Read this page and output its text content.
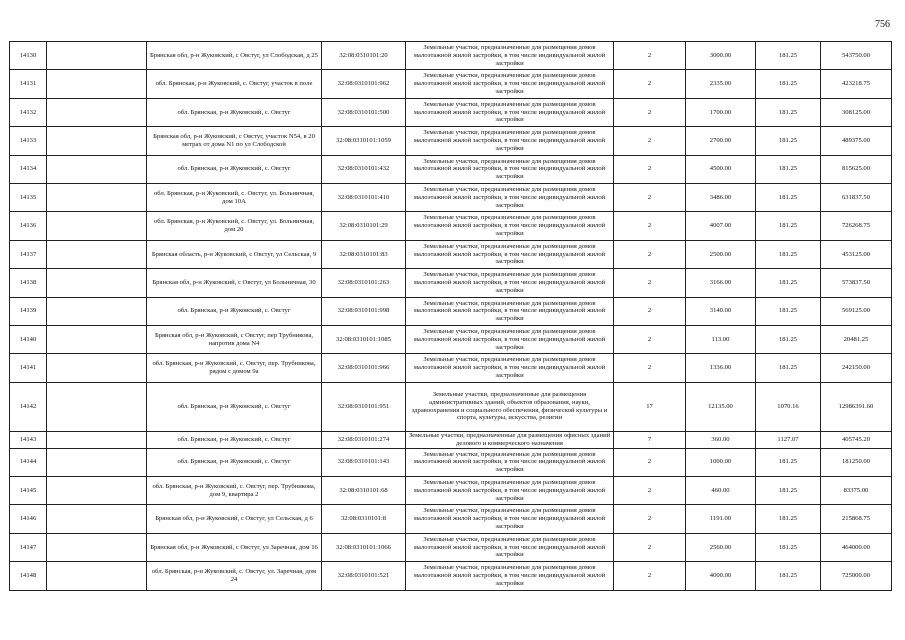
756
14130		Брянская обл, р-н Жуковский, с Овстуг, ул Слободская, д 25	32:08:0310101:20	Земельные участки, предназначенные для размещения домов малоэтажной жилой застройки, в том числе индивидуальной жилой застройки	2	3000.00	181.25	543750.00
14131		обл. Брянская, р-н Жуковский, с. Овстуг, участок в поле	32:08:0310101:962	Земельные участки, предназначенные для размещения домов малоэтажной жилой застройки, в том числе индивидуальной жилой застройки	2	2335.00	181.25	423218.75
14132		обл. Брянская, р-н Жуковский, с. Овстуг	32:08:0310101:500	Земельные участки, предназначенные для размещения домов малоэтажной жилой застройки, в том числе индивидуальной жилой застройки	2	1700.00	181.25	308125.00
14133		Брянская обл, р-н Жуковский, с Овстуг, участок N54, в 20 метрах от дома N1 по ул Слободской	32:08:0310101:1059	Земельные участки, предназначенные для размещения домов малоэтажной жилой застройки, в том числе индивидуальной жилой застройки	2	2700.00	181.25	489375.00
14134		обл. Брянская, р-н Жуковский, с. Овстуг	32:08:0310101:432	Земельные участки, предназначенные для размещения домов малоэтажной жилой застройки, в том числе индивидуальной жилой застройки	2	4500.00	181.25	815625.00
14135		обл. Брянская, р-н Жуковский, с. Овстуг, ул. Больничная, дом 10А	32:08:0310101:410	Земельные участки, предназначенные для размещения домов малоэтажной жилой застройки, в том числе индивидуальной жилой застройки	2	3486.00	181.25	631837.50
14136		обл. Брянская, р-н Жуковский, с. Овстуг, ул. Больничная, дом 20	32:08:0310101:29	Земельные участки, предназначенные для размещения домов малоэтажной жилой застройки, в том числе индивидуальной жилой застройки	2	4007.00	181.25	726268.75
14137		Брянская область, р-н Жуковский, с Овстуг, ул Сельская, 9	32:08:0310101:83	Земельные участки, предназначенные для размещения домов малоэтажной жилой застройки, в том числе индивидуальной жилой застройки	2	2500.00	181.25	453125.00
14138		Брянская обл, р-н Жуковский, с Овстуг, ул Больничная, 30	32:08:0310101:263	Земельные участки, предназначенные для размещения домов малоэтажной жилой застройки, в том числе индивидуальной жилой застройки	2	3166.00	181.25	573837.50
14139		обл. Брянская, р-н Жуковский, с. Овстуг	32:08:0310101:998	Земельные участки, предназначенные для размещения домов малоэтажной жилой застройки, в том числе индивидуальной жилой застройки	2	3140.00	181.25	569125.00
14140		Брянская обл, р-н Жуковский, с Овстуг, пер Трубникова, напротив дома N4	32:08:0310101:1085	Земельные участки, предназначенные для размещения домов малоэтажной жилой застройки, в том числе индивидуальной жилой застройки	2	113.00	181.25	20481.25
14141		обл. Брянская, р-н Жуковский, с. Овстуг, пер. Трубникова, рядом с домом 9а	32:08:0310101:966	Земельные участки, предназначенные для размещения домов малоэтажной жилой застройки, в том числе индивидуальной жилой застройки	2	1336.00	181.25	242150.00
14142		обл. Брянская, р-н Жуковский, с. Овстуг	32:08:0310101:951	Земельные участки, предназначенные для размещения административных зданий, объектов образования, науки, здравоохранения и социального обеспечения, физической культуры и спорта, культуры, искусства, религии	17	12135.00	1070.16	12986391.60
14143		обл. Брянская, р-н Жуковский, с. Овстуг	32:08:0310101:274	Земельные участки, предназначенные для размещения офисных зданий делового и коммерческого назначения	7	360.00	1127.07	405745.20
14144		обл. Брянская, р-н Жуковский, с. Овстуг	32:08:0310101:143	Земельные участки, предназначенные для размещения домов малоэтажной жилой застройки, в том числе индивидуальной жилой застройки	2	1000.00	181.25	181250.00
14145		обл. Брянская, р-н Жуковский, с. Овстуг, пер. Трубникова, дом 9, квартира 2	32:08:0310101:68	Земельные участки, предназначенные для размещения домов малоэтажной жилой застройки, в том числе индивидуальной жилой застройки	2	460.00	181.25	83375.00
14146		Брянская обл, р-н Жуковский, с Овстуг, ул Сельская, д 6	32:08:0310101:8	Земельные участки, предназначенные для размещения домов малоэтажной жилой застройки, в том числе индивидуальной жилой застройки	2	1191.00	181.25	215868.75
14147		Брянская обл, р-н Жуковский, с Овстуг, ул Заречная, дом 16	32:08:0310101:1066	Земельные участки, предназначенные для размещения домов малоэтажной жилой застройки, в том числе индивидуальной жилой застройки	2	2560.00	181.25	464000.00
14148		обл. Брянская, р-н Жуковский, с. Овстуг, ул. Заречная, дом 24	32:08:0310101:521	Земельные участки, предназначенные для размещения домов малоэтажной жилой застройки, в том числе индивидуальной жилой застройки	2	4000.00	181.25	725000.00
